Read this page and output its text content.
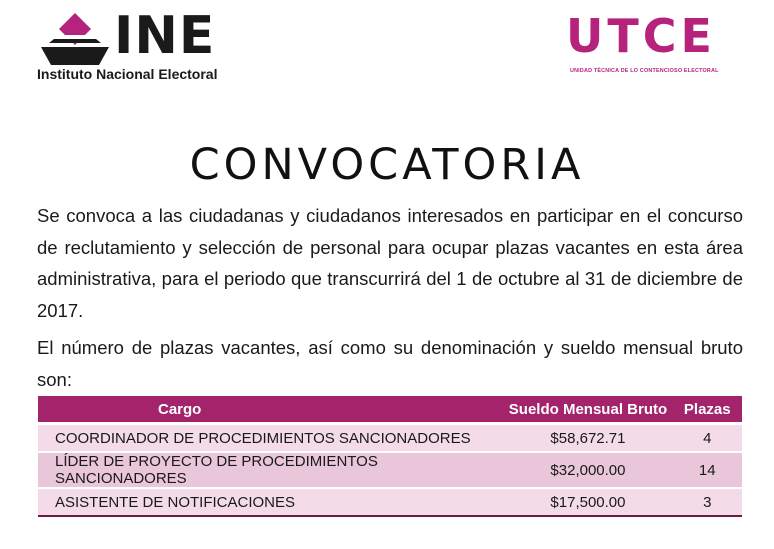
INE
Instituto Nacional Electoral
UTCE
UNIDAD TÉCNICA DE LO CONTENCIOSO ELECTORAL
CONVOCATORIA
Se convoca a las ciudadanas y ciudadanos interesados en participar en el concurso de reclutamiento y selección de personal para ocupar plazas vacantes en esta área administrativa, para el periodo que transcurrirá del 1 de octubre al 31 de diciembre de 2017.
El número de plazas vacantes, así como su denominación y sueldo mensual bruto son:
Cargo	Sueldo Mensual Bruto	Plazas
COORDINADOR DE PROCEDIMIENTOS SANCIONADORES	$58,672.71	4
LÍDER DE PROYECTO DE PROCEDIMIENTOS SANCIONADORES	$32,000.00	14
ASISTENTE DE NOTIFICACIONES	$17,500.00	3
